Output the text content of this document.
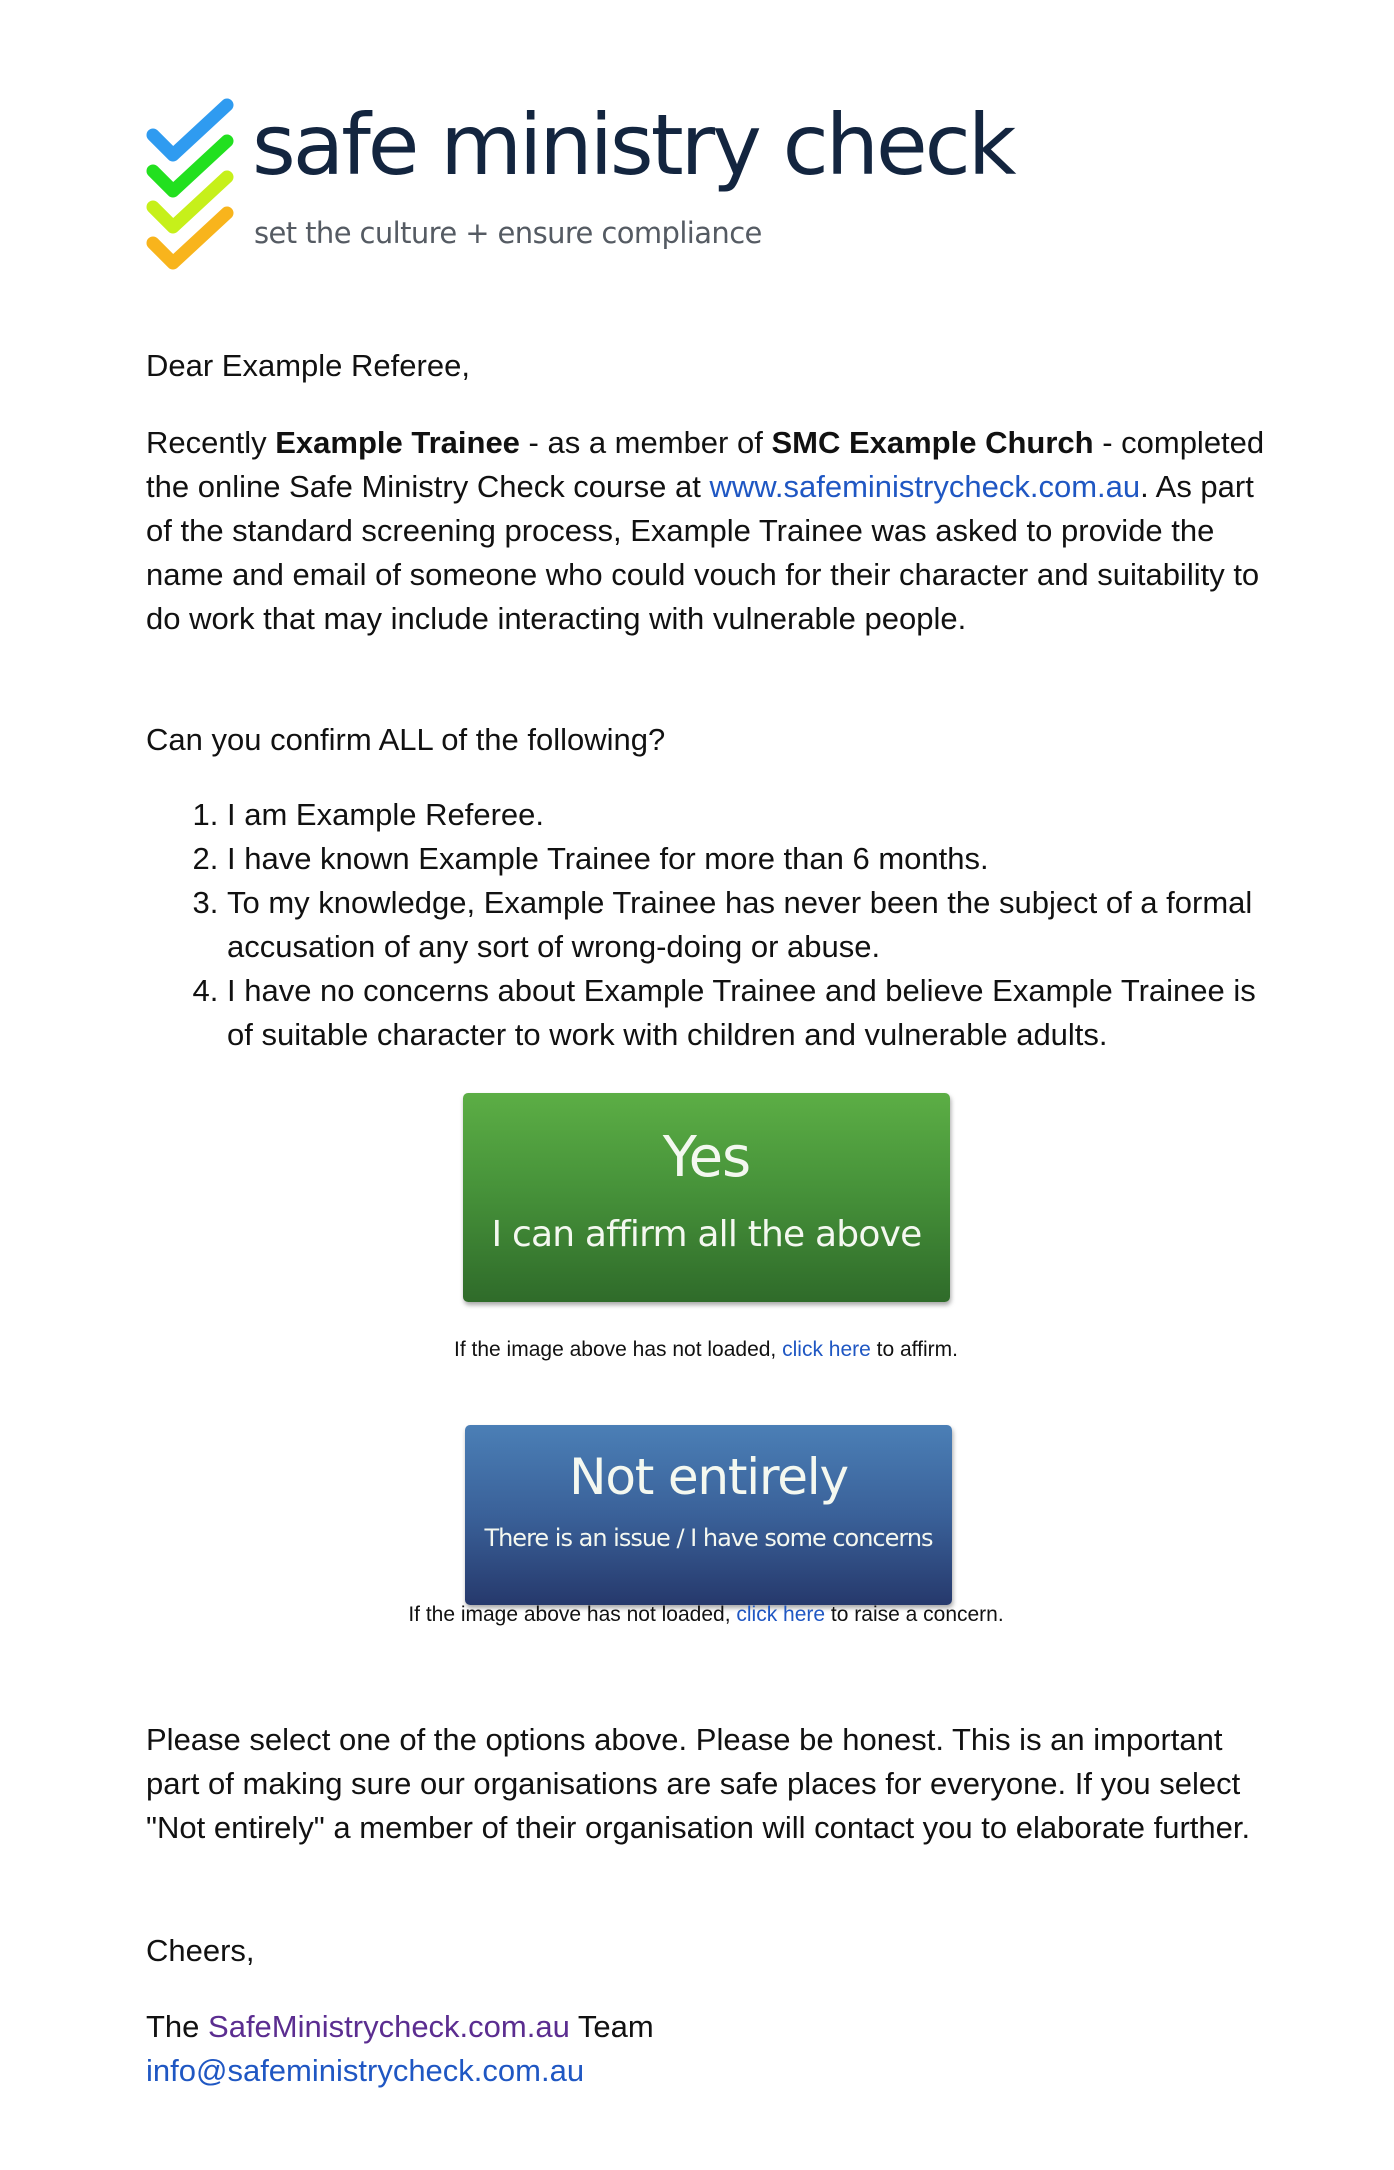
safe ministry check
set the culture + ensure compliance

Dear Example Referee,

Recently Example Trainee - as a member of SMC Example Church - completed the online Safe Ministry Check course at www.safeministrycheck.com.au. As part of the standard screening process, Example Trainee was asked to provide the name and email of someone who could vouch for their character and suitability to do work that may include interacting with vulnerable people.

Can you confirm ALL of the following?

1. I am Example Referee.
2. I have known Example Trainee for more than 6 months.
3. To my knowledge, Example Trainee has never been the subject of a formal accusation of any sort of wrong-doing or abuse.
4. I have no concerns about Example Trainee and believe Example Trainee is of suitable character to work with children and vulnerable adults.
Yes
I can affirm all the above
If the image above has not loaded, click here to affirm.
Not entirely
There is an issue / I have some concerns
If the image above has not loaded, click here to raise a concern.

Please select one of the options above. Please be honest. This is an important part of making sure our organisations are safe places for everyone. If you select "Not entirely" a member of their organisation will contact you to elaborate further.

Cheers,

The SafeMinistrycheck.com.au Team

info@safeministrycheck.com.au
